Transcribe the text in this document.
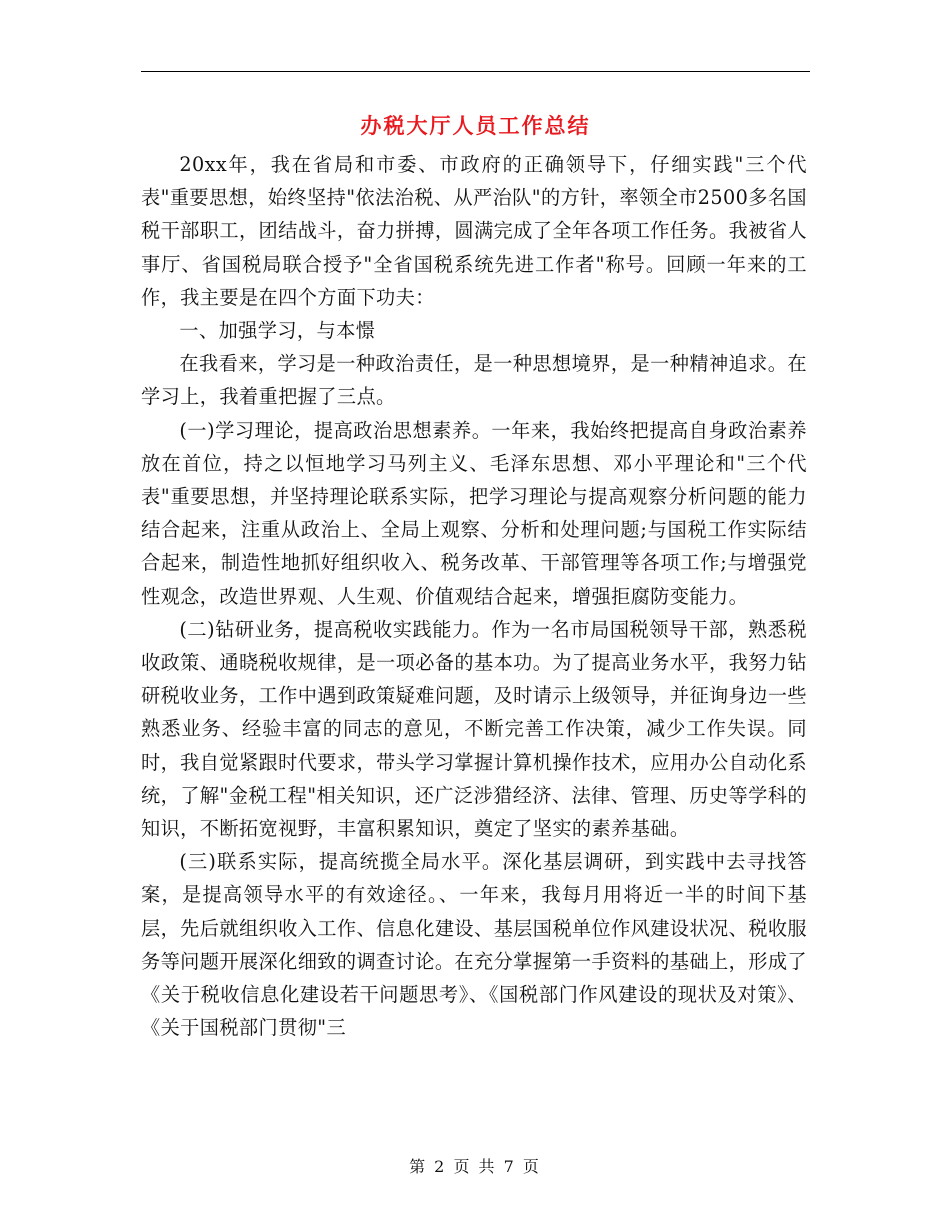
办税大厅人员工作总结

20xx年，我在省局和市委、市政府的正确领导下，仔细实践"三个代表"重要思想，始终坚持"依法治税、从严治队"的方针，率领全市2500多名国税干部职工，团结战斗，奋力拼搏，圆满完成了全年各项工作任务。我被省人事厅、省国税局联合授予"全省国税系统先进工作者"称号。回顾一年来的工作，我主要是在四个方面下功夫：

一、加强学习，与本憬

在我看来，学习是一种政治责任，是一种思想境界，是一种精神追求。在学习上，我着重把握了三点。

(一)学习理论，提高政治思想素养。一年来，我始终把提高自身政治素养放在首位，持之以恒地学习马列主义、毛泽东思想、邓小平理论和"三个代表"重要思想，并坚持理论联系实际，把学习理论与提高观察分析问题的能力结合起来，注重从政治上、全局上观察、分析和处理问题;与国税工作实际结合起来，制造性地抓好组织收入、税务改革、干部管理等各项工作;与增强党性观念，改造世界观、人生观、价值观结合起来，增强拒腐防变能力。

(二)钻研业务，提高税收实践能力。作为一名市局国税领导干部，熟悉税收政策、通晓税收规律，是一项必备的基本功。为了提高业务水平，我努力钻研税收业务，工作中遇到政策疑难问题，及时请示上级领导，并征询身边一些熟悉业务、经验丰富的同志的意见，不断完善工作决策，减少工作失误。同时，我自觉紧跟时代要求，带头学习掌握计算机操作技术，应用办公自动化系统，了解"金税工程"相关知识，还广泛涉猎经济、法律、管理、历史等学科的知识，不断拓宽视野，丰富积累知识，奠定了坚实的素养基础。

(三)联系实际，提高统揽全局水平。深化基层调研，到实践中去寻找答案，是提高领导水平的有效途径。、一年来，我每月用将近一半的时间下基层，先后就组织收入工作、信息化建设、基层国税单位作风建设状况、税收服务等问题开展深化细致的调查讨论。在充分掌握第一手资料的基础上，形成了《关于税收信息化建设若干问题思考》、《国税部门作风建设的现状及对策》、《关于国税部门贯彻"三

第 2 页 共 7 页
